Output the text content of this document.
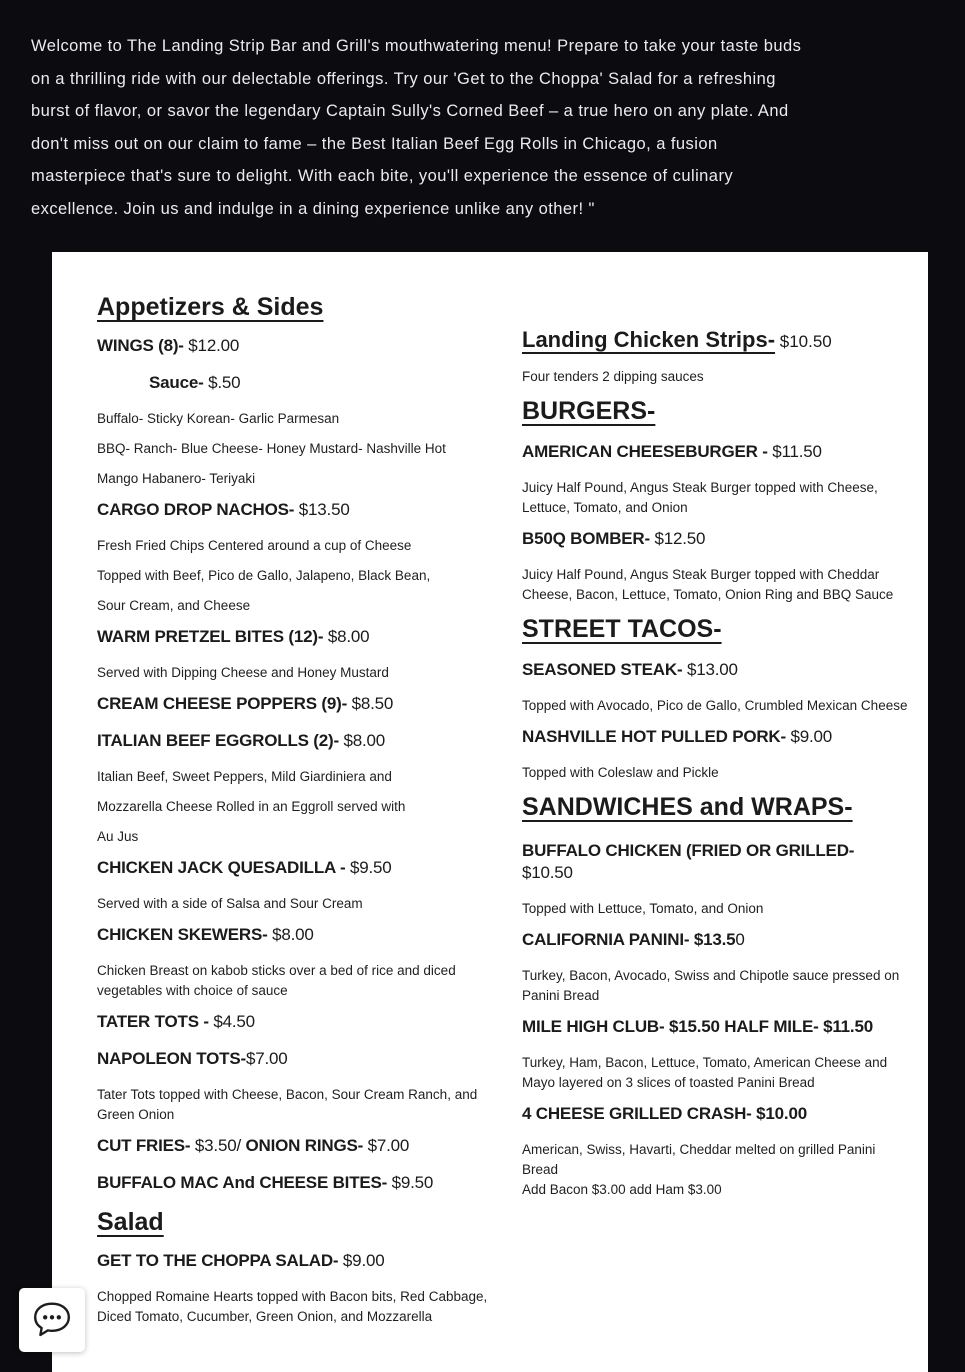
Welcome to The Landing Strip Bar and Grill's mouthwatering menu! Prepare to take your taste buds
on a thrilling ride with our delectable offerings. Try our 'Get to the Choppa' Salad for a refreshing
burst of flavor, or savor the legendary Captain Sully's Corned Beef – a true hero on any plate. And
don't miss out on our claim to fame – the Best Italian Beef Egg Rolls in Chicago, a fusion
masterpiece that's sure to delight. With each bite, you'll experience the essence of culinary
excellence. Join us and indulge in a dining experience unlike any other! "
Appetizers & Sides
WINGS (8)- $12.00
Sauce- $.50
Buffalo- Sticky Korean- Garlic Parmesan
BBQ- Ranch- Blue Cheese- Honey Mustard- Nashville Hot
Mango Habanero- Teriyaki
CARGO DROP NACHOS- $13.50
Fresh Fried Chips Centered around a cup of Cheese
Topped with Beef, Pico de Gallo, Jalapeno, Black Bean,
Sour Cream, and Cheese
WARM PRETZEL BITES (12)- $8.00
Served with Dipping Cheese and Honey Mustard
CREAM CHEESE POPPERS (9)- $8.50
ITALIAN BEEF EGGROLLS (2)- $8.00
Italian Beef, Sweet Peppers, Mild Giardiniera and
Mozzarella Cheese Rolled in an Eggroll served with
Au Jus
CHICKEN JACK QUESADILLA - $9.50
Served with a side of Salsa and Sour Cream
CHICKEN SKEWERS- $8.00
Chicken Breast on kabob sticks over a bed of rice and diced
vegetables with choice of sauce
TATER TOTS - $4.50
NAPOLEON TOTS-$7.00
Tater Tots topped with Cheese, Bacon, Sour Cream Ranch, and
Green Onion
CUT FRIES- $3.50/ ONION RINGS- $7.00
BUFFALO MAC And CHEESE BITES- $9.50
Salad
GET TO THE CHOPPA SALAD- $9.00
Chopped Romaine Hearts topped with Bacon bits, Red Cabbage,
Diced Tomato, Cucumber, Green Onion, and Mozzarella
Landing Chicken Strips- $10.50
Four tenders 2 dipping sauces
BURGERS-
AMERICAN CHEESEBURGER - $11.50
Juicy Half Pound, Angus Steak Burger topped with Cheese,
Lettuce, Tomato, and Onion
B50Q BOMBER- $12.50
Juicy Half Pound, Angus Steak Burger topped with Cheddar
Cheese, Bacon, Lettuce, Tomato, Onion Ring and BBQ Sauce
STREET TACOS-
SEASONED STEAK- $13.00
Topped with Avocado, Pico de Gallo, Crumbled Mexican Cheese
NASHVILLE HOT PULLED PORK- $9.00
Topped with Coleslaw and Pickle
SANDWICHES and WRAPS-
BUFFALO CHICKEN (FRIED OR GRILLED-
$10.50
Topped with Lettuce, Tomato, and Onion
CALIFORNIA PANINI- $13.50
Turkey, Bacon, Avocado, Swiss and Chipotle sauce pressed on
Panini Bread
MILE HIGH CLUB- $15.50 HALF MILE- $11.50
Turkey, Ham, Bacon, Lettuce, Tomato, American Cheese and
Mayo layered on 3 slices of toasted Panini Bread
4 CHEESE GRILLED CRASH- $10.00
American, Swiss, Havarti, Cheddar melted on grilled Panini
Bread
Add Bacon $3.00 add Ham $3.00
